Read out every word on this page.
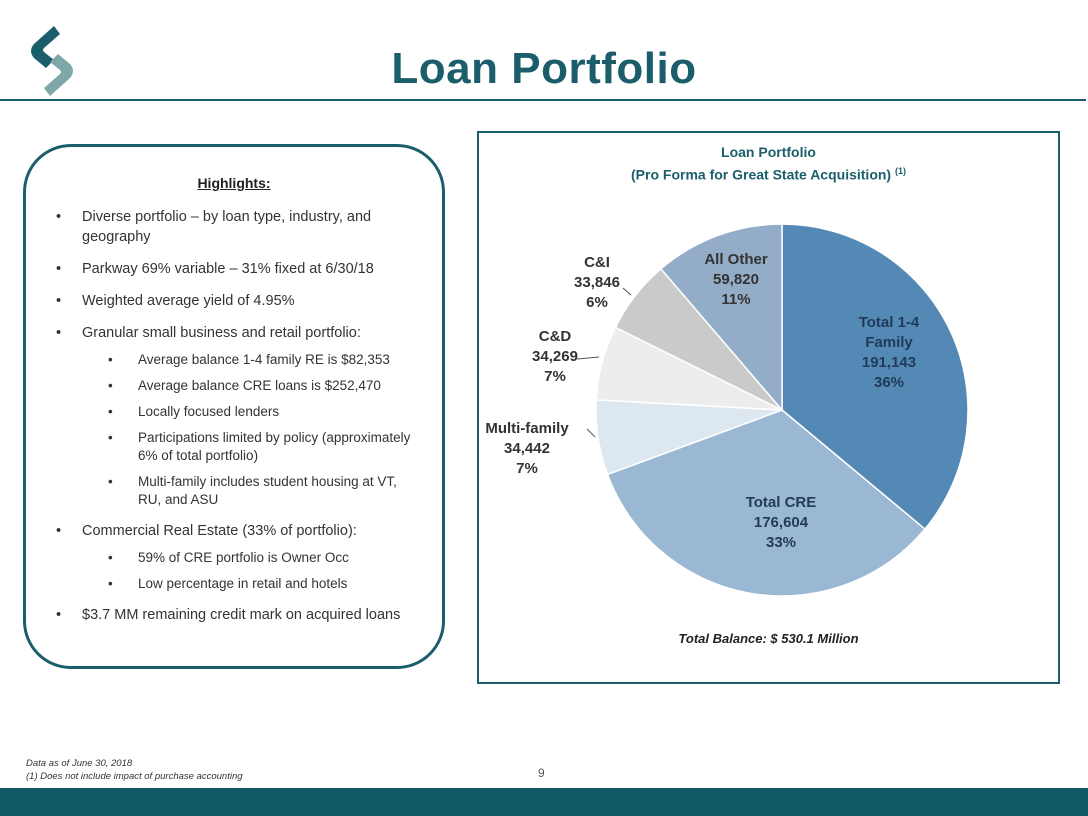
Loan Portfolio
Highlights:
• Diverse portfolio – by loan type, industry, and geography
• Parkway 69% variable – 31% fixed at 6/30/18
• Weighted average yield of 4.95%
• Granular small business and retail portfolio:
• Average balance 1-4 family RE is $82,353
• Average balance CRE loans is $252,470
• Locally focused lenders
• Participations limited by policy (approximately 6% of total portfolio)
• Multi-family includes student housing at VT, RU, and ASU
• Commercial Real Estate (33% of portfolio):
• 59% of CRE portfolio is Owner Occ
• Low percentage in retail and hotels
• $3.7 MM remaining credit mark on acquired loans
Loan Portfolio
(Pro Forma for Great State Acquisition) $^{(1)}$
Total 1-4 Family 191,143 36%
Total CRE 176,604 33%
Multi-family 34,442 7%
C&D 34,269 7%
C&I 33,846 6%
All Other 59,820 11%
Total Balance: $ 530.1 Million
Data as of June 30, 2018
(1) Does not include impact of purchase accounting	9
